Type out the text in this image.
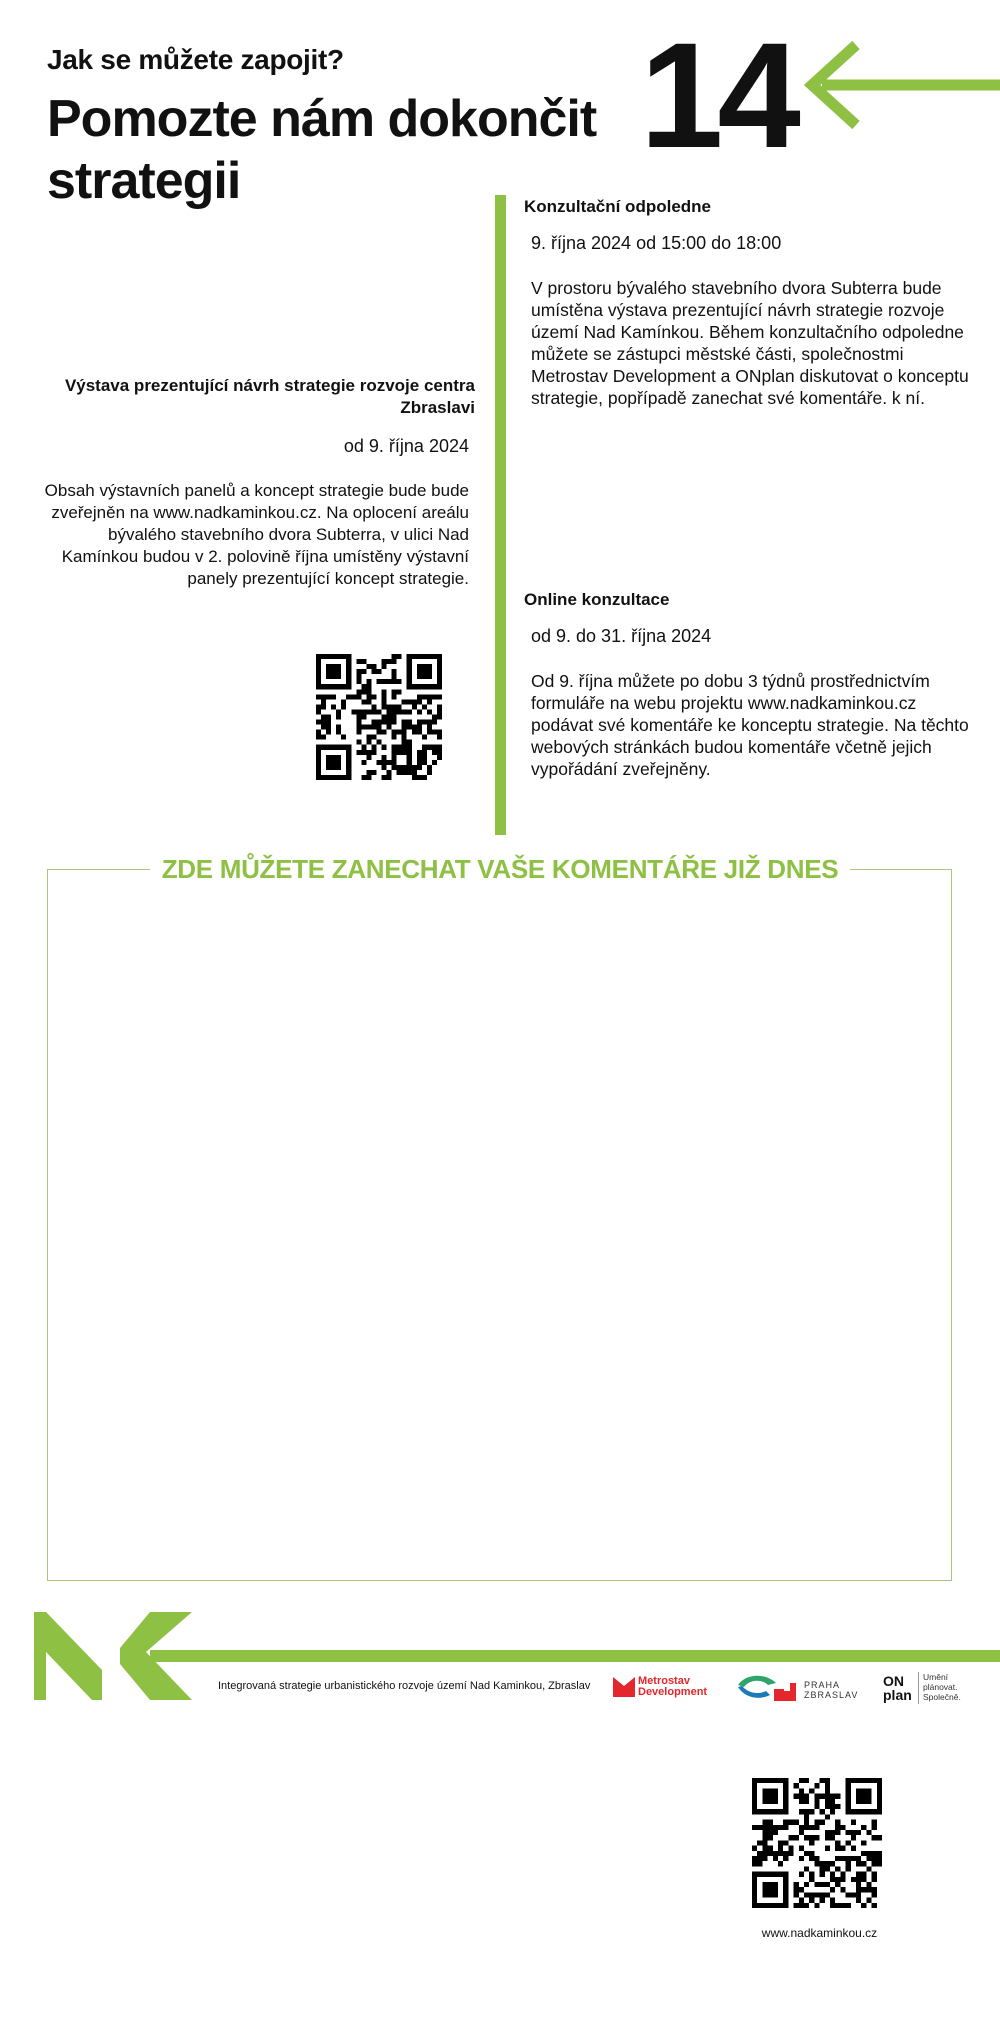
Jak se můžete zapojit?
Pomozte nám dokončit strategii
14
Výstava prezentující návrh strategie rozvoje centra Zbraslavi
od 9. října 2024
Obsah výstavních panelů a koncept strategie bude bude zveřejněn na www.nadkaminkou.cz. Na oplocení areálu bývalého stavebního dvora Subterra, v ulici Nad Kamínkou budou v 2. polovině října umístěny výstavní panely prezentující koncept strategie.
Konzultační odpoledne
9. října 2024 od 15:00 do 18:00
V prostoru bývalého stavebního dvora Subterra bude umístěna výstava prezentující návrh strategie rozvoje území Nad Kamínkou. Během konzultačního odpoledne můžete se zástupci městské části, společnostmi Metrostav Development a ONplan diskutovat o konceptu strategie, popřípadě zanechat své komentáře. k ní.
Online konzultace
od 9. do 31. října 2024
Od 9. října můžete po dobu 3 týdnů prostřednictvím formuláře na webu projektu www.nadkaminkou.cz podávat své komentáře ke konceptu strategie. Na těchto webových stránkách budou komentáře včetně jejich vypořádání zveřejněny.
ZDE MŮŽETE ZANECHAT VAŠE KOMENTÁŘE JIŽ DNES
Integrovaná strategie urbanistického rozvoje území Nad Kaminkou, Zbraslav	Metrostav
Development
PRAHA
ZBRASLAV
ON
plan
Umění
plánovat.
Společně.
www.nadkaminkou.cz
